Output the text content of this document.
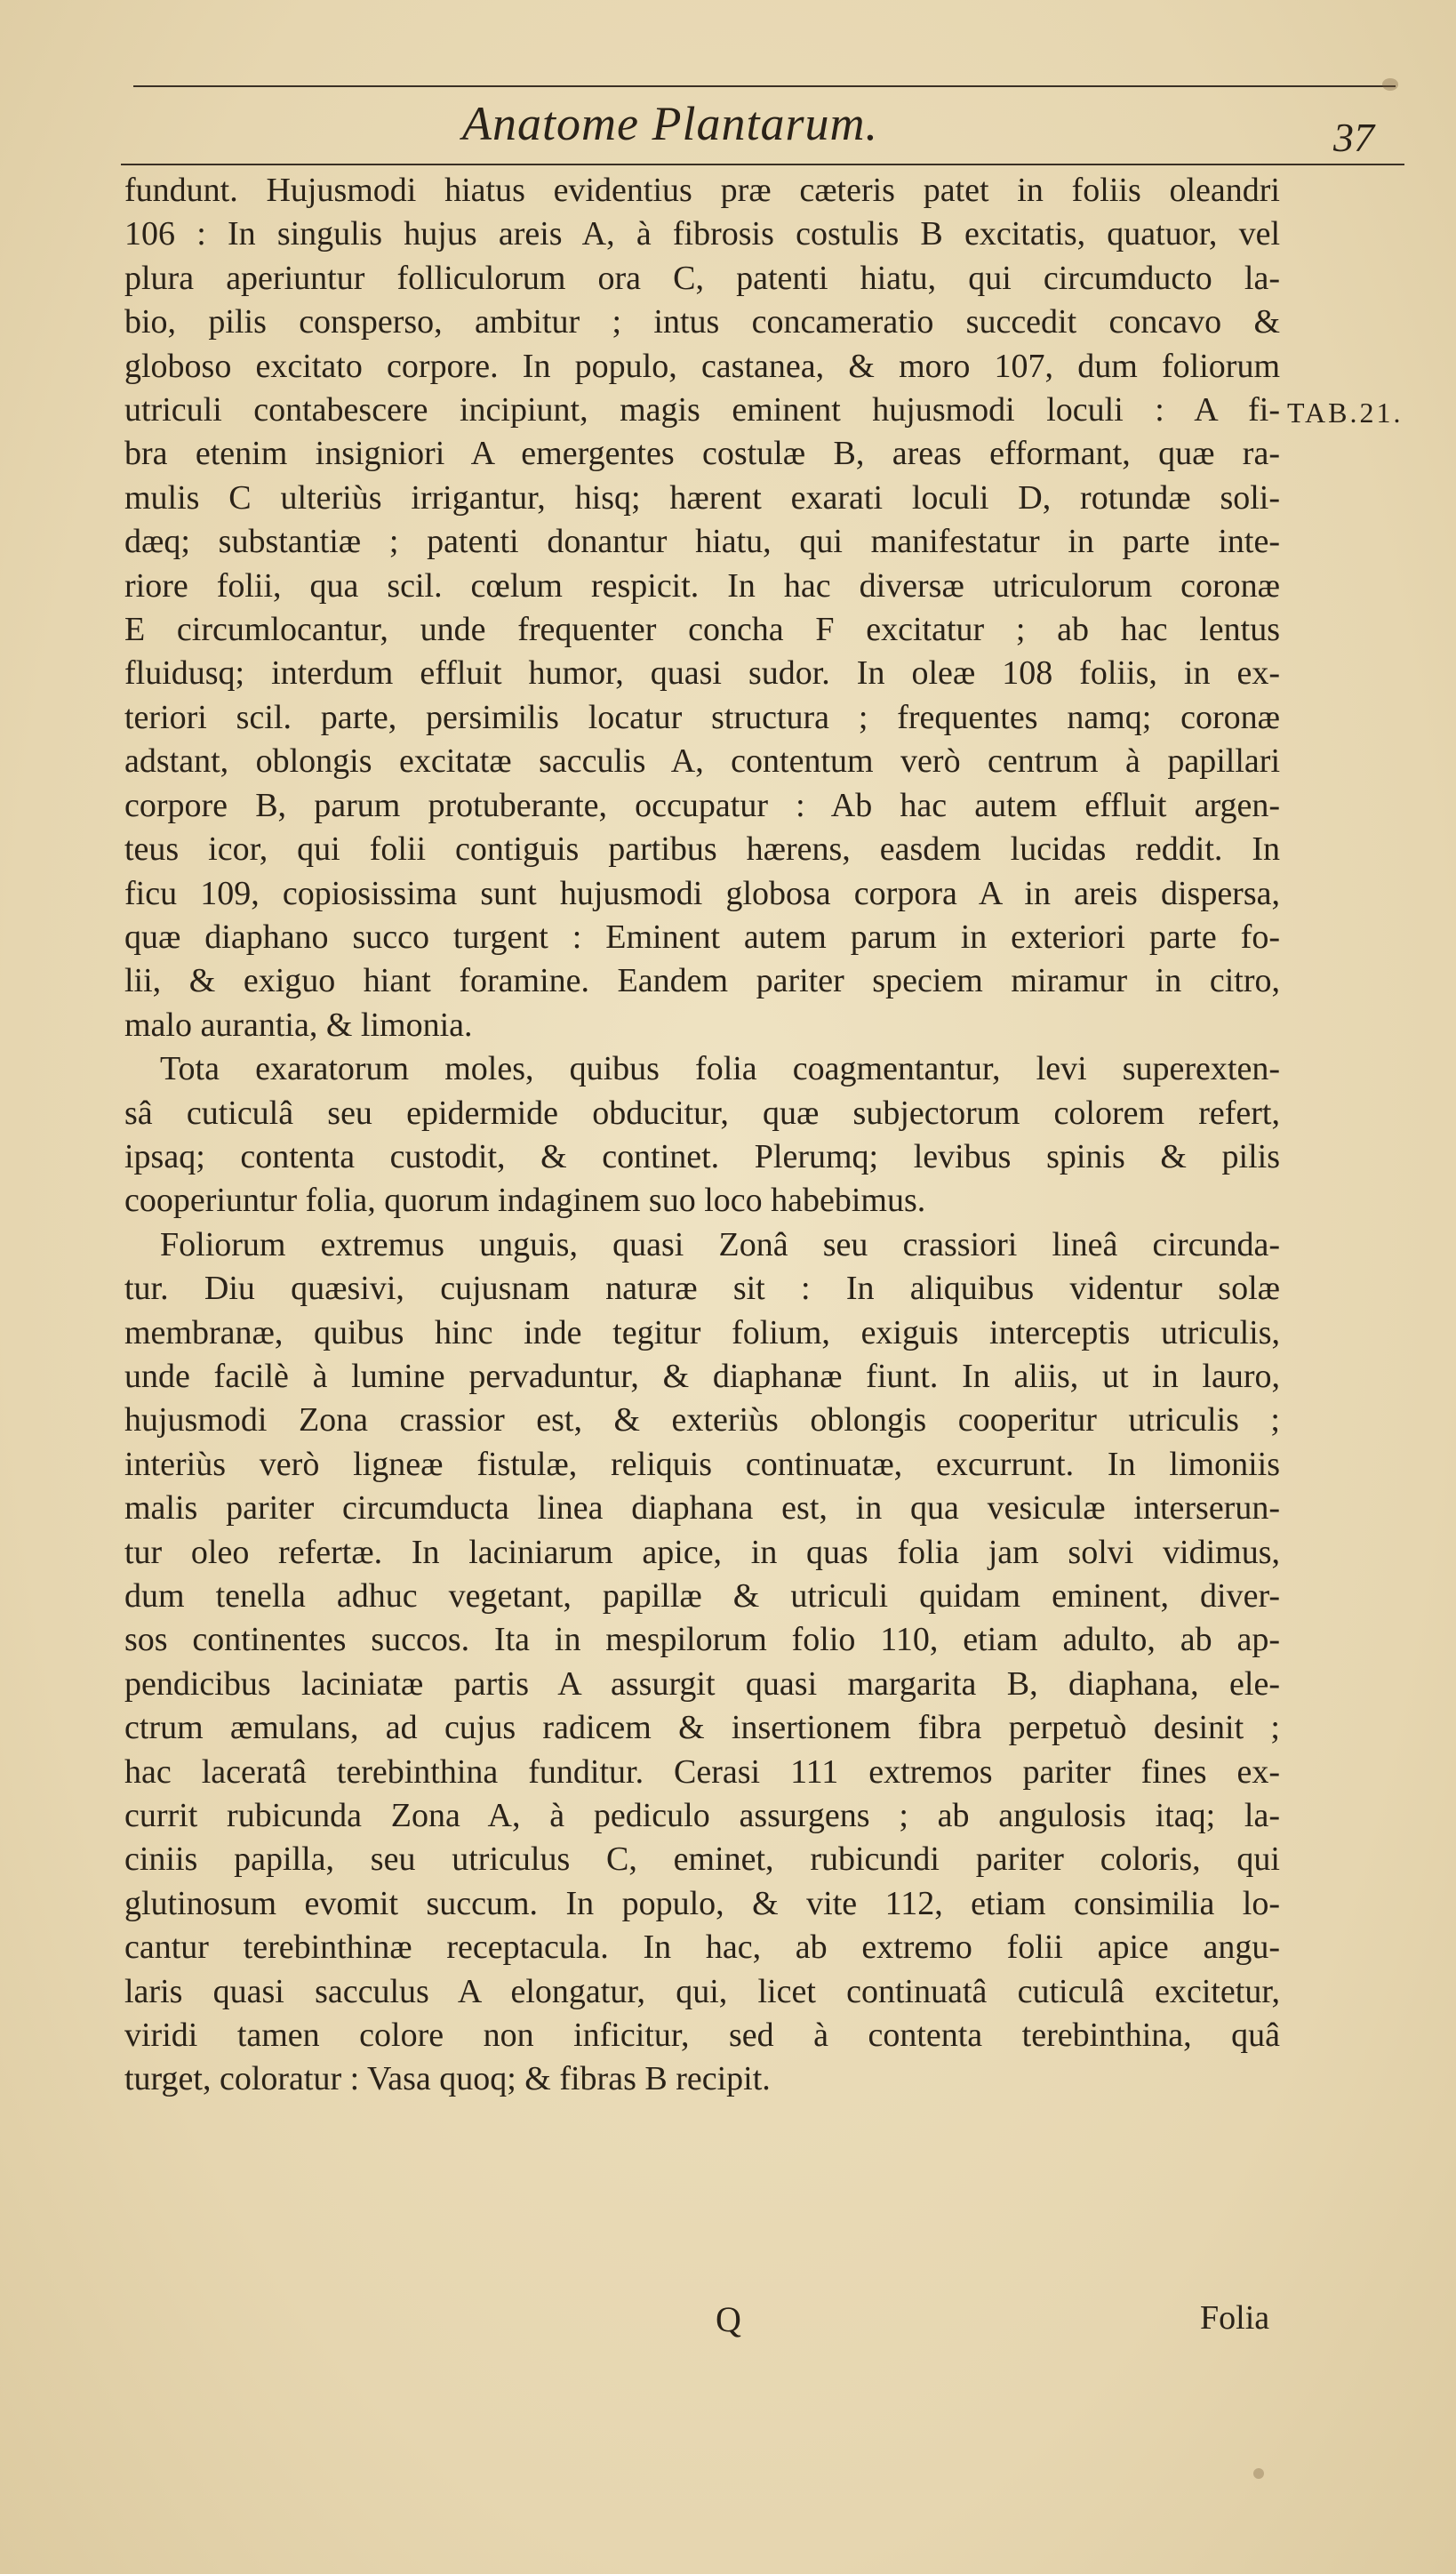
Anatome Plantarum.	37
TAB.21.
fundunt. Hujusmodi hiatus evidentius præ cæteris patet in foliis oleandri
106 : In singulis hujus areis A, à fibrosis costulis B excitatis, quatuor, vel
plura aperiuntur folliculorum ora C, patenti hiatu, qui circumducto la-
bio, pilis consperso, ambitur ; intus concameratio succedit concavo &
globoso excitato corpore. In populo, castanea, & moro 107, dum foliorum
utriculi contabescere incipiunt, magis eminent hujusmodi loculi : A fi-
bra etenim insigniori A emergentes costulæ B, areas efformant, quæ ra-
mulis C ulteriùs irrigantur, hisq; hærent exarati loculi D, rotundæ soli-
dæq; substantiæ ; patenti donantur hiatu, qui manifestatur in parte inte-
riore folii, qua scil. cœlum respicit. In hac diversæ utriculorum coronæ
E circumlocantur, unde frequenter concha F excitatur ; ab hac lentus
fluidusq; interdum effluit humor, quasi sudor. In oleæ 108 foliis, in ex-
teriori scil. parte, persimilis locatur structura ; frequentes namq; coronæ
adstant, oblongis excitatæ sacculis A, contentum verò centrum à papillari
corpore B, parum protuberante, occupatur : Ab hac autem effluit argen-
teus icor, qui folii contiguis partibus hærens, easdem lucidas reddit. In
ficu 109, copiosissima sunt hujusmodi globosa corpora A in areis dispersa,
quæ diaphano succo turgent : Eminent autem parum in exteriori parte fo-
lii, & exiguo hiant foramine. Eandem pariter speciem miramur in citro,
malo aurantia, & limonia.
Tota exaratorum moles, quibus folia coagmentantur, levi superexten-
sâ cuticulâ seu epidermide obducitur, quæ subjectorum colorem refert,
ipsaq; contenta custodit, & continet. Plerumq; levibus spinis & pilis
cooperiuntur folia, quorum indaginem suo loco habebimus.
Foliorum extremus unguis, quasi Zonâ seu crassiori lineâ circunda-
tur. Diu quæsivi, cujusnam naturæ sit : In aliquibus videntur solæ
membranæ, quibus hinc inde tegitur folium, exiguis interceptis utriculis,
unde facilè à lumine pervaduntur, & diaphanæ fiunt. In aliis, ut in lauro,
hujusmodi Zona crassior est, & exteriùs oblongis cooperitur utriculis ;
interiùs verò ligneæ fistulæ, reliquis continuatæ, excurrunt. In limoniis
malis pariter circumducta linea diaphana est, in qua vesiculæ interserun-
tur oleo refertæ. In laciniarum apice, in quas folia jam solvi vidimus,
dum tenella adhuc vegetant, papillæ & utriculi quidam eminent, diver-
sos continentes succos. Ita in mespilorum folio 110, etiam adulto, ab ap-
pendicibus laciniatæ partis A assurgit quasi margarita B, diaphana, ele-
ctrum æmulans, ad cujus radicem & insertionem fibra perpetuò desinit ;
hac laceratâ terebinthina funditur. Cerasi 111 extremos pariter fines ex-
currit rubicunda Zona A, à pediculo assurgens ; ab angulosis itaq; la-
ciniis papilla, seu utriculus C, eminet, rubicundi pariter coloris, qui
glutinosum evomit succum. In populo, & vite 112, etiam consimilia lo-
cantur terebinthinæ receptacula. In hac, ab extremo folii apice angu-
laris quasi sacculus A elongatur, qui, licet continuatâ cuticulâ excitetur,
viridi tamen colore non inficitur, sed à contenta terebinthina, quâ
turget, coloratur : Vasa quoq; & fibras B recipit.
Q	Folia
